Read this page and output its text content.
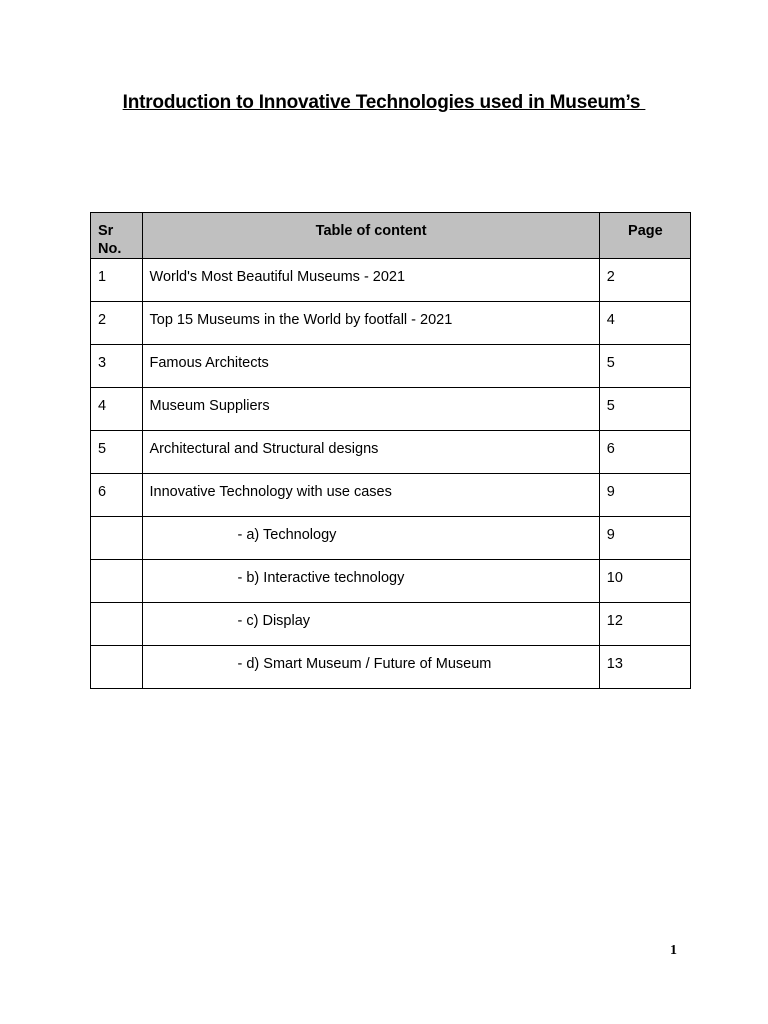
Introduction to Innovative Technologies used in Museum’s
Sr No.	Table of content	Page
1	World's Most Beautiful Museums - 2021	2
2	Top 15 Museums in the World by footfall - 2021	4
3	Famous Architects	5
4	Museum Suppliers	5
5	Architectural and Structural designs	6
6	Innovative Technology with use cases	9
	- a) Technology	9
	- b) Interactive technology	10
	- c) Display	12
	- d) Smart Museum / Future of Museum	13
1
